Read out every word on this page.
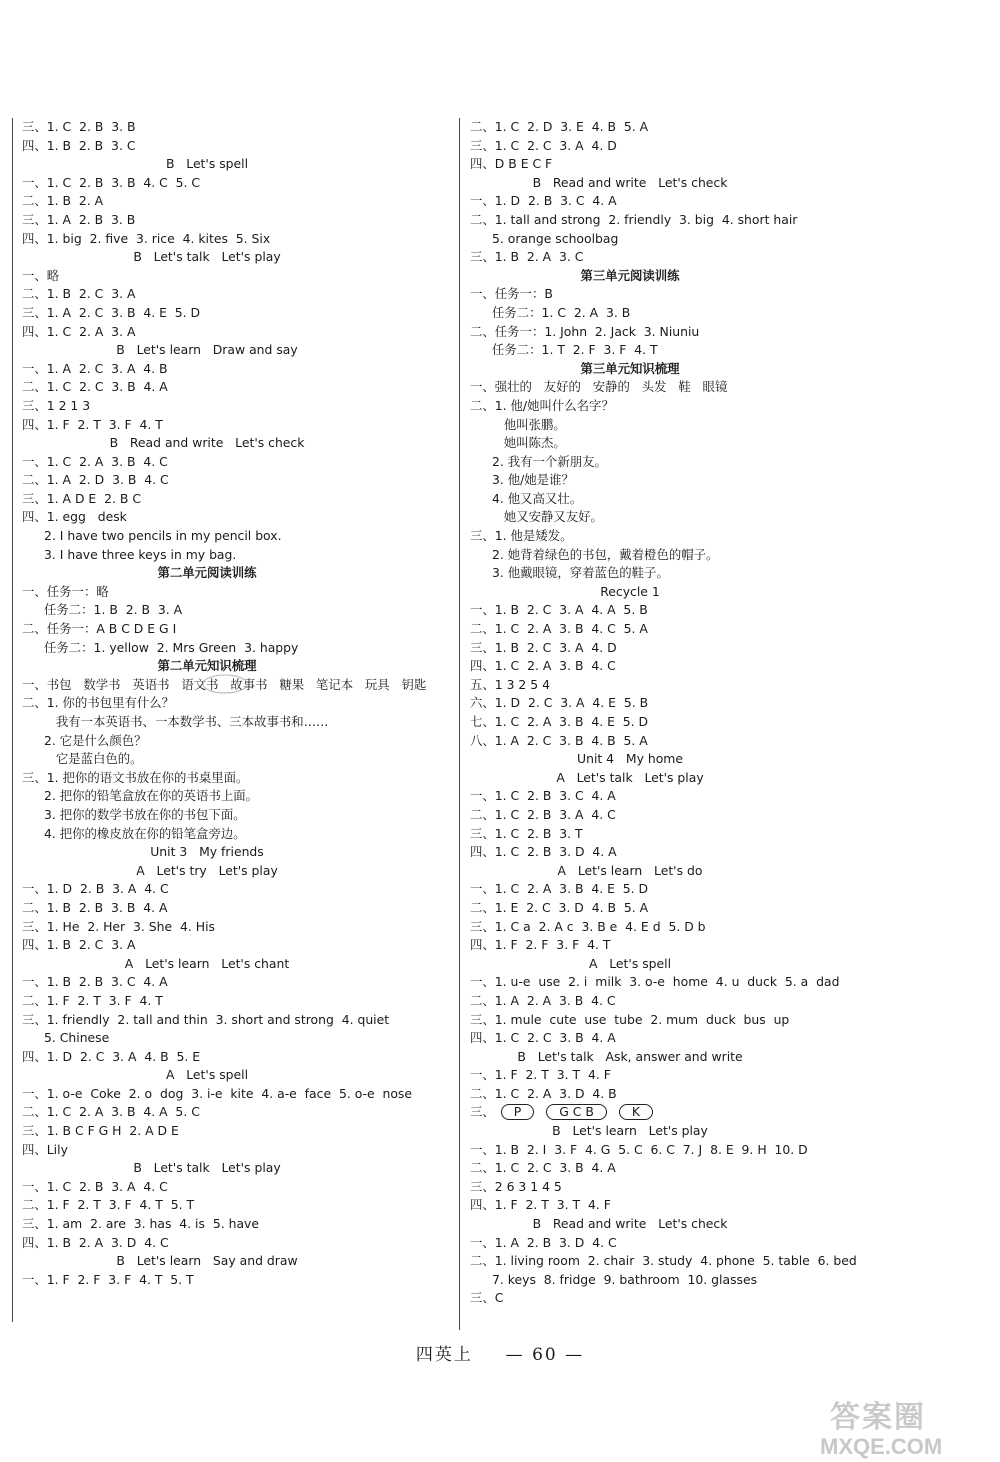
三、1. C  2. B  3. B
四、1. B  2. B  3. C
B   Let's spell
一、1. C  2. B  3. B  4. C  5. C
二、1. B  2. A
三、1. A  2. B  3. B
四、1. big  2. five  3. rice  4. kites  5. Six
B   Let's talk   Let's play
一、略
二、1. B  2. C  3. A
三、1. A  2. C  3. B  4. E  5. D
四、1. C  2. A  3. A
B   Let's learn   Draw and say
一、1. A  2. C  3. A  4. B
二、1. C  2. C  3. B  4. A
三、1 2 1 3
四、1. F  2. T  3. F  4. T
B   Read and write   Let's check
一、1. C  2. A  3. B  4. C
二、1. A  2. D  3. B  4. C
三、1. A D E  2. B C
四、1. egg   desk
2. I have two pencils in my pencil box.
3. I have three keys in my bag.
第二单元阅读训练
一、任务一：略
任务二：1. B  2. B  3. A
二、任务一：A B C D E G I
任务二：1. yellow  2. Mrs Green  3. happy
第二单元知识梳理
一、书包   数学书   英语书   语文书   故事书   糖果   笔记本   玩具   钥匙
二、1. 你的书包里有什么？
我有一本英语书、一本数学书、三本故事书和……
2. 它是什么颜色？
它是蓝白色的。
三、1. 把你的语文书放在你的书桌里面。
2. 把你的铅笔盒放在你的英语书上面。
3. 把你的数学书放在你的书包下面。
4. 把你的橡皮放在你的铅笔盒旁边。
Unit 3   My friends
A   Let's try   Let's play
一、1. D  2. B  3. A  4. C
二、1. B  2. B  3. B  4. A
三、1. He  2. Her  3. She  4. His
四、1. B  2. C  3. A
A   Let's learn   Let's chant
一、1. B  2. B  3. C  4. A
二、1. F  2. T  3. F  4. T
三、1. friendly  2. tall and thin  3. short and strong  4. quiet
5. Chinese
四、1. D  2. C  3. A  4. B  5. E
A   Let's spell
一、1. o-e  Coke  2. o  dog  3. i-e  kite  4. a-e  face  5. o-e  nose
二、1. C  2. A  3. B  4. A  5. C
三、1. B C F G H  2. A D E
四、Lily
B   Let's talk   Let's play
一、1. C  2. B  3. A  4. C
二、1. F  2. T  3. F  4. T  5. T
三、1. am  2. are  3. has  4. is  5. have
四、1. B  2. A  3. D  4. C
B   Let's learn   Say and draw
一、1. F  2. F  3. F  4. T  5. T
二、1. C  2. D  3. E  4. B  5. A
三、1. C  2. C  3. A  4. D
四、D B E C F
B   Read and write   Let's check
一、1. D  2. B  3. C  4. A
二、1. tall and strong  2. friendly  3. big  4. short hair
5. orange schoolbag
三、1. B  2. A  3. C
第三单元阅读训练
一、任务一：B
任务二：1. C  2. A  3. B
二、任务一：1. John  2. Jack  3. Niuniu
任务二：1. T  2. F  3. F  4. T
第三单元知识梳理
一、强壮的   友好的   安静的   头发   鞋   眼镜
二、1. 他/她叫什么名字？
他叫张鹏。
她叫陈杰。
2. 我有一个新朋友。
3. 他/她是谁？
4. 他又高又壮。
她又安静又友好。
三、1. 他是矮发。
2. 她背着绿色的书包，戴着橙色的帽子。
3. 他戴眼镜，穿着蓝色的鞋子。
Recycle 1
一、1. B  2. C  3. A  4. A  5. B
二、1. C  2. A  3. B  4. C  5. A
三、1. B  2. C  3. A  4. D
四、1. C  2. A  3. B  4. C
五、1 3 2 5 4
六、1. D  2. C  3. A  4. E  5. B
七、1. C  2. A  3. B  4. E  5. D
八、1. A  2. C  3. B  4. B  5. A
Unit 4   My home
A   Let's talk   Let's play
一、1. C  2. B  3. C  4. A
二、1. C  2. B  3. A  4. C
三、1. C  2. B  3. T
四、1. C  2. B  3. D  4. A
A   Let's learn   Let's do
一、1. C  2. A  3. B  4. E  5. D
二、1. E  2. C  3. D  4. B  5. A
三、1. C a  2. A c  3. B e  4. E d  5. D b
四、1. F  2. F  3. F  4. T
A   Let's spell
一、1. u-e  use  2. i  milk  3. o-e  home  4. u  duck  5. a  dad
二、1. A  2. A  3. B  4. C
三、1. mule  cute  use  tube  2. mum  duck  bus  up
四、1. C  2. C  3. B  4. A
B   Let's talk   Ask, answer and write
一、1. F  2. T  3. T  4. F
二、1. C  2. A  3. D  4. B
三、 P	G C B	K
B   Let's learn   Let's play
一、1. B  2. I  3. F  4. G  5. C  6. C  7. J  8. E  9. H  10. D
二、1. C  2. C  3. B  4. A
三、2 6 3 1 4 5
四、1. F  2. T  3. T  4. F
B   Read and write   Let's check
一、1. A  2. B  3. D  4. C
二、1. living room  2. chair  3. study  4. phone  5. table  6. bed
7. keys  8. fridge  9. bathroom  10. glasses
三、C
四英上 — 60 —
答案圈
MXQE.COM
